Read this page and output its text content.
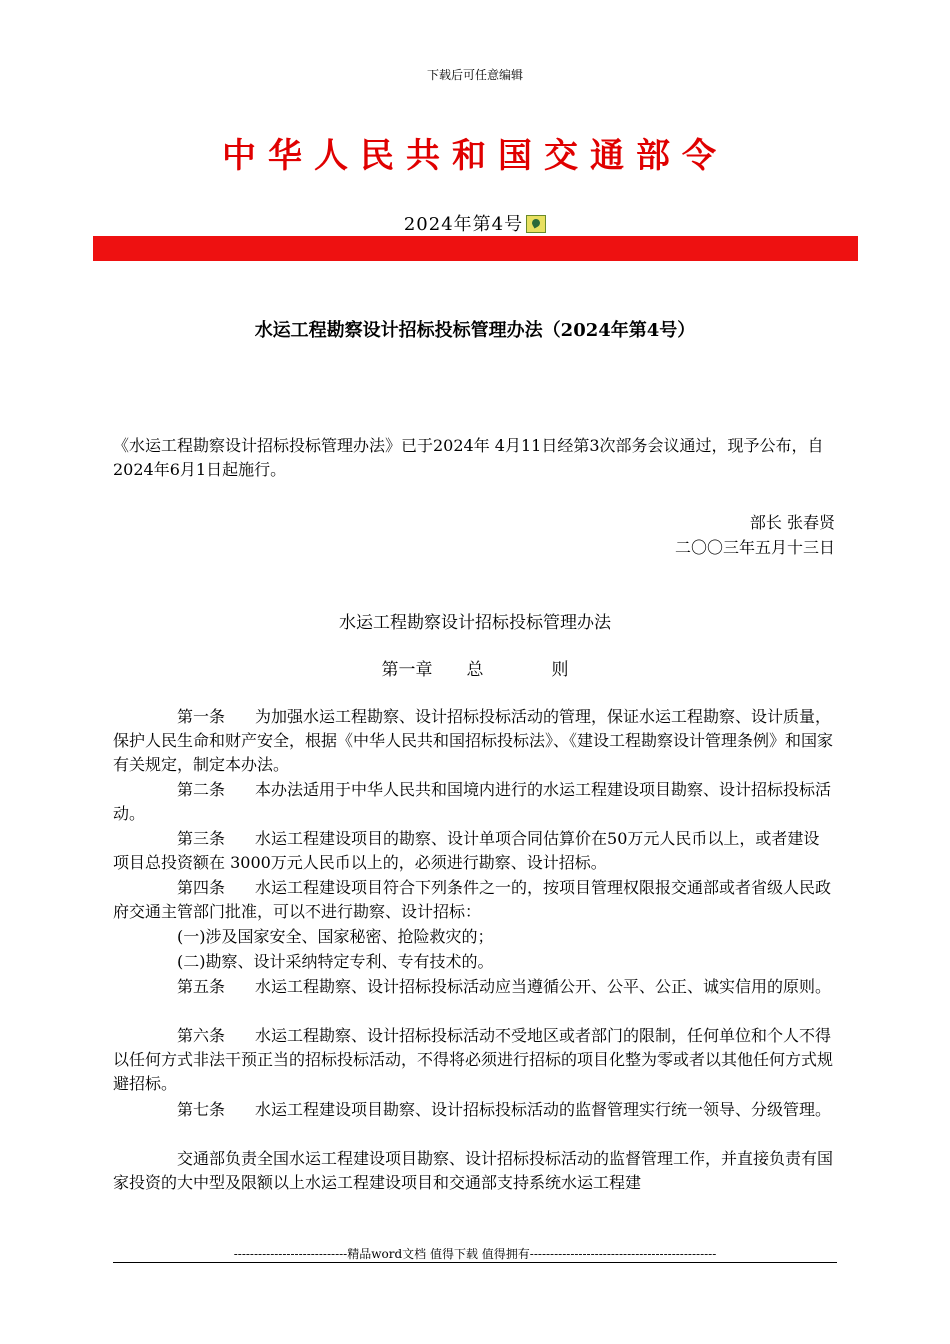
下载后可任意编辑
中华人民共和国交通部令
2024年第4号
水运工程勘察设计招标投标管理办法（2024年第4号）

《水运工程勘察设计招标投标管理办法》已于2024年 4月11日经第3次部务会议通过，现予公布，自2024年6月1日起施行。

部长 张春贤
二〇〇三年五月十三日
水运工程勘察设计招标投标管理办法
第一章　　总　　　　则

第一条 为加强水运工程勘察、设计招标投标活动的管理，保证水运工程勘察、设计质量，保护人民生命和财产安全，根据《中华人民共和国招标投标法》、《建设工程勘察设计管理条例》和国家有关规定，制定本办法。

第二条 本办法适用于中华人民共和国境内进行的水运工程建设项目勘察、设计招标投标活动。

第三条 水运工程建设项目的勘察、设计单项合同估算价在50万元人民币以上，或者建设项目总投资额在 3000万元人民币以上的，必须进行勘察、设计招标。

第四条 水运工程建设项目符合下列条件之一的，按项目管理权限报交通部或者省级人民政府交通主管部门批准，可以不进行勘察、设计招标：

(一)涉及国家安全、国家秘密、抢险救灾的；

(二)勘察、设计采纳特定专利、专有技术的。

第五条 水运工程勘察、设计招标投标活动应当遵循公开、公平、公正、诚实信用的原则。

第六条 水运工程勘察、设计招标投标活动不受地区或者部门的限制，任何单位和个人不得以任何方式非法干预正当的招标投标活动，不得将必须进行招标的项目化整为零或者以其他任何方式规避招标。

第七条 水运工程建设项目勘察、设计招标投标活动的监督管理实行统一领导、分级管理。

交通部负责全国水运工程建设项目勘察、设计招标投标活动的监督管理工作，并直接负责有国家投资的大中型及限额以上水运工程建设项目和交通部支持系统水运工程建

----------------------------精品word文档 值得下载 值得拥有----------------------------------------------
